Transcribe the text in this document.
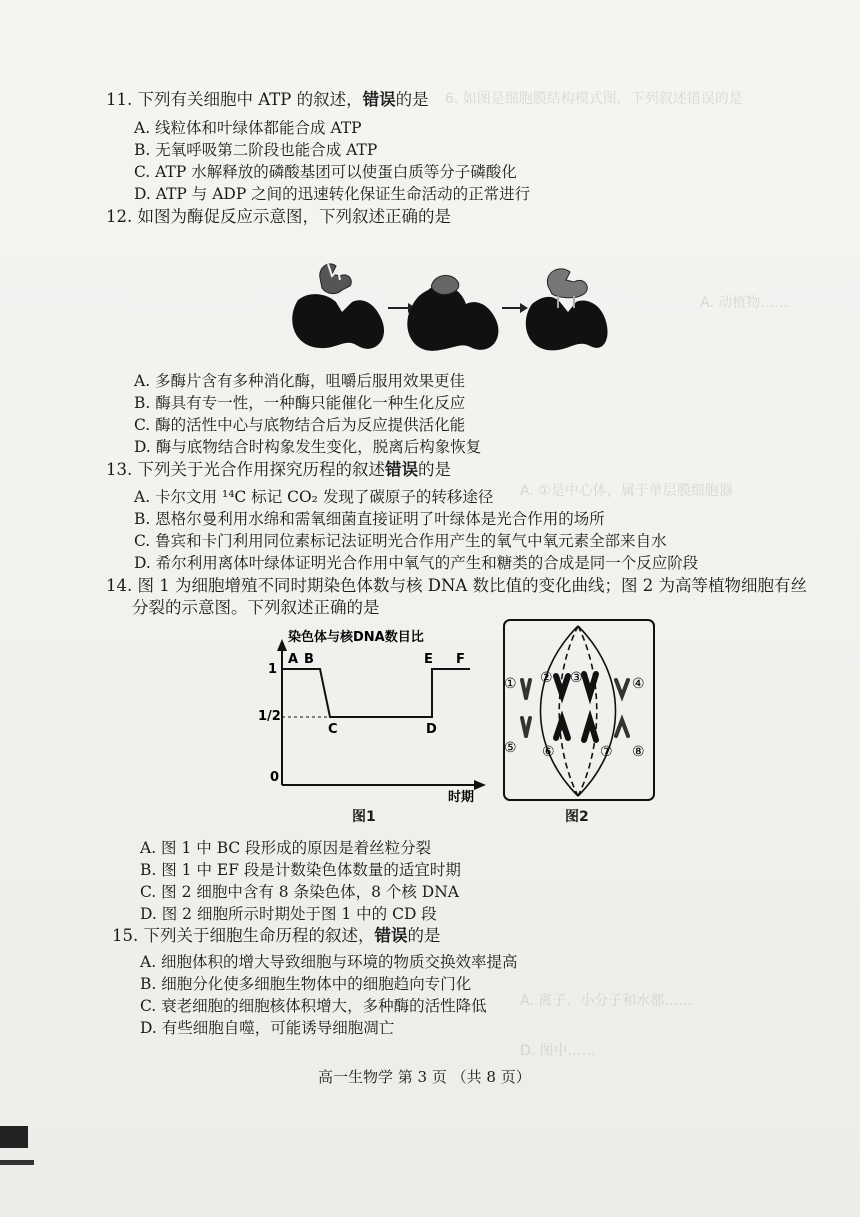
6. 如图是细胞膜结构模式图，下列叙述错误的是
A. 动植物……
A. ①是中心体，属于单层膜细胞器
11. 下列有关细胞中 ATP 的叙述，错误的是
A. 线粒体和叶绿体都能合成 ATP
B. 无氧呼吸第二阶段也能合成 ATP
C. ATP 水解释放的磷酸基团可以使蛋白质等分子磷酸化
D. ATP 与 ADP 之间的迅速转化保证生命活动的正常进行
12. 如图为酶促反应示意图，下列叙述正确的是
A. 多酶片含有多种消化酶，咀嚼后服用效果更佳
B. 酶具有专一性，一种酶只能催化一种生化反应
C. 酶的活性中心与底物结合后为反应提供活化能
D. 酶与底物结合时构象发生变化，脱离后构象恢复
13. 下列关于光合作用探究历程的叙述错误的是
A. 卡尔文用 ¹⁴C 标记 CO₂ 发现了碳原子的转移途径
B. 恩格尔曼利用水绵和需氧细菌直接证明了叶绿体是光合作用的场所
C. 鲁宾和卡门利用同位素标记法证明光合作用产生的氧气中氧元素全部来自水
D. 希尔利用离体叶绿体证明光合作用中氧气的产生和糖类的合成是同一个反应阶段
14. 图 1 为细胞增殖不同时期染色体数与核 DNA 数比值的变化曲线；图 2 为高等植物细胞有丝
分裂的示意图。下列叙述正确的是
染色体与核DNA数目比
1
1/2
0
A B
C	D
E F
时期
图1
① ② ③	④
⑤ ⑥	⑦ ⑧
图2
A. 图 1 中 BC 段形成的原因是着丝粒分裂
B. 图 1 中 EF 段是计数染色体数量的适宜时期
C. 图 2 细胞中含有 8 条染色体，8 个核 DNA
D. 图 2 细胞所示时期处于图 1 中的 CD 段
15. 下列关于细胞生命历程的叙述，错误的是
A. 细胞体积的增大导致细胞与环境的物质交换效率提高
B. 细胞分化使多细胞生物体中的细胞趋向专门化
C. 衰老细胞的细胞核体积增大，多种酶的活性降低
D. 有些细胞自噬，可能诱导细胞凋亡
A. 离子、小分子和水都……
D. 图中……
高一生物学 第 3 页 （共 8 页）
